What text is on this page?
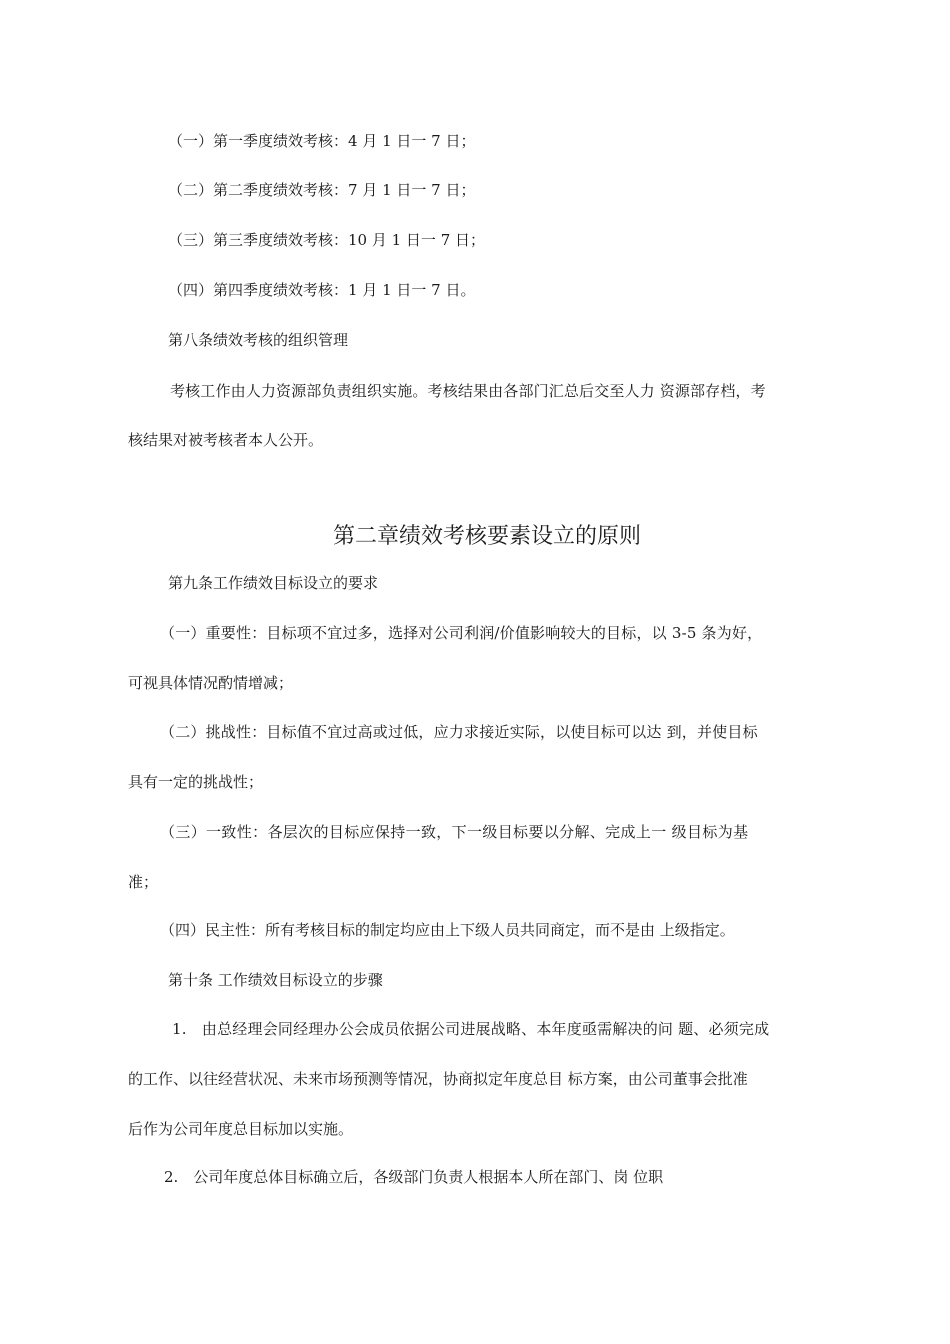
（一）第一季度绩效考核：4 月 1 日一 7 日；
（二）第二季度绩效考核：7 月 1 日一 7 日；
（三）第三季度绩效考核：10 月 1 日一 7 日；
（四）第四季度绩效考核：1 月 1 日一 7 日。
第八条绩效考核的组织管理
考核工作由人力资源部负责组织实施。考核结果由各部门汇总后交至人力 资源部存档，考
核结果对被考核者本人公开。
第二章绩效考核要素设立的原则
第九条工作绩效目标设立的要求
（一）重要性：目标项不宜过多，选择对公司利润/价值影响较大的目标，以 3-5 条为好，
可视具体情况酌情增减；
（二）挑战性：目标值不宜过高或过低，应力求接近实际，以使目标可以达 到，并使目标
具有一定的挑战性；
（三）一致性：各层次的目标应保持一致，下一级目标要以分解、完成上一 级目标为基
准；
（四）民主性：所有考核目标的制定均应由上下级人员共同商定，而不是由 上级指定。
第十条 工作绩效目标设立的步骤
1.　由总经理会同经理办公会成员依据公司进展战略、本年度亟需解决的问 题、必须完成
的工作、以往经营状况、未来市场预测等情况，协商拟定年度总目 标方案，由公司董事会批准
后作为公司年度总目标加以实施。
2.　公司年度总体目标确立后，各级部门负责人根据本人所在部门、岗 位职
